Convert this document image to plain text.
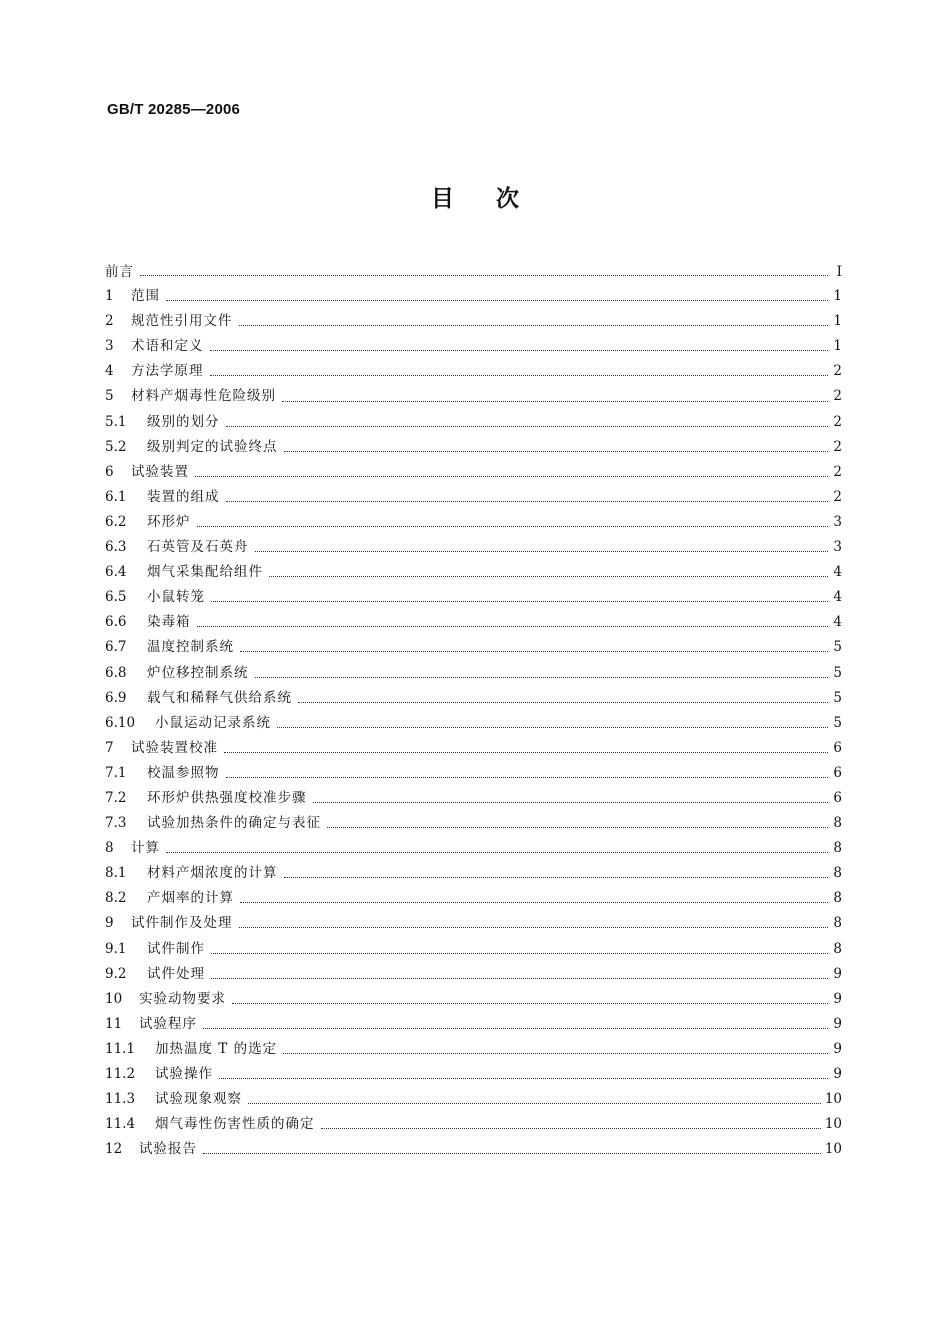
GB/T 20285—2006
目次
前言	Ⅰ
1	范围	1
2	规范性引用文件	1
3	术语和定义	1
4	方法学原理	2
5	材料产烟毒性危险级别	2
5.1	级别的划分	2
5.2	级别判定的试验终点	2
6	试验装置	2
6.1	装置的组成	2
6.2	环形炉	3
6.3	石英管及石英舟	3
6.4	烟气采集配给组件	4
6.5	小鼠转笼	4
6.6	染毒箱	4
6.7	温度控制系统	5
6.8	炉位移控制系统	5
6.9	载气和稀释气供给系统	5
6.10	小鼠运动记录系统	5
7	试验装置校准	6
7.1	校温参照物	6
7.2	环形炉供热强度校准步骤	6
7.3	试验加热条件的确定与表征	8
8	计算	8
8.1	材料产烟浓度的计算	8
8.2	产烟率的计算	8
9	试件制作及处理	8
9.1	试件制作	8
9.2	试件处理	9
10	实验动物要求	9
11	试验程序	9
11.1	加热温度 T 的选定	9
11.2	试验操作	9
11.3	试验现象观察	10
11.4	烟气毒性伤害性质的确定	10
12	试验报告	10
